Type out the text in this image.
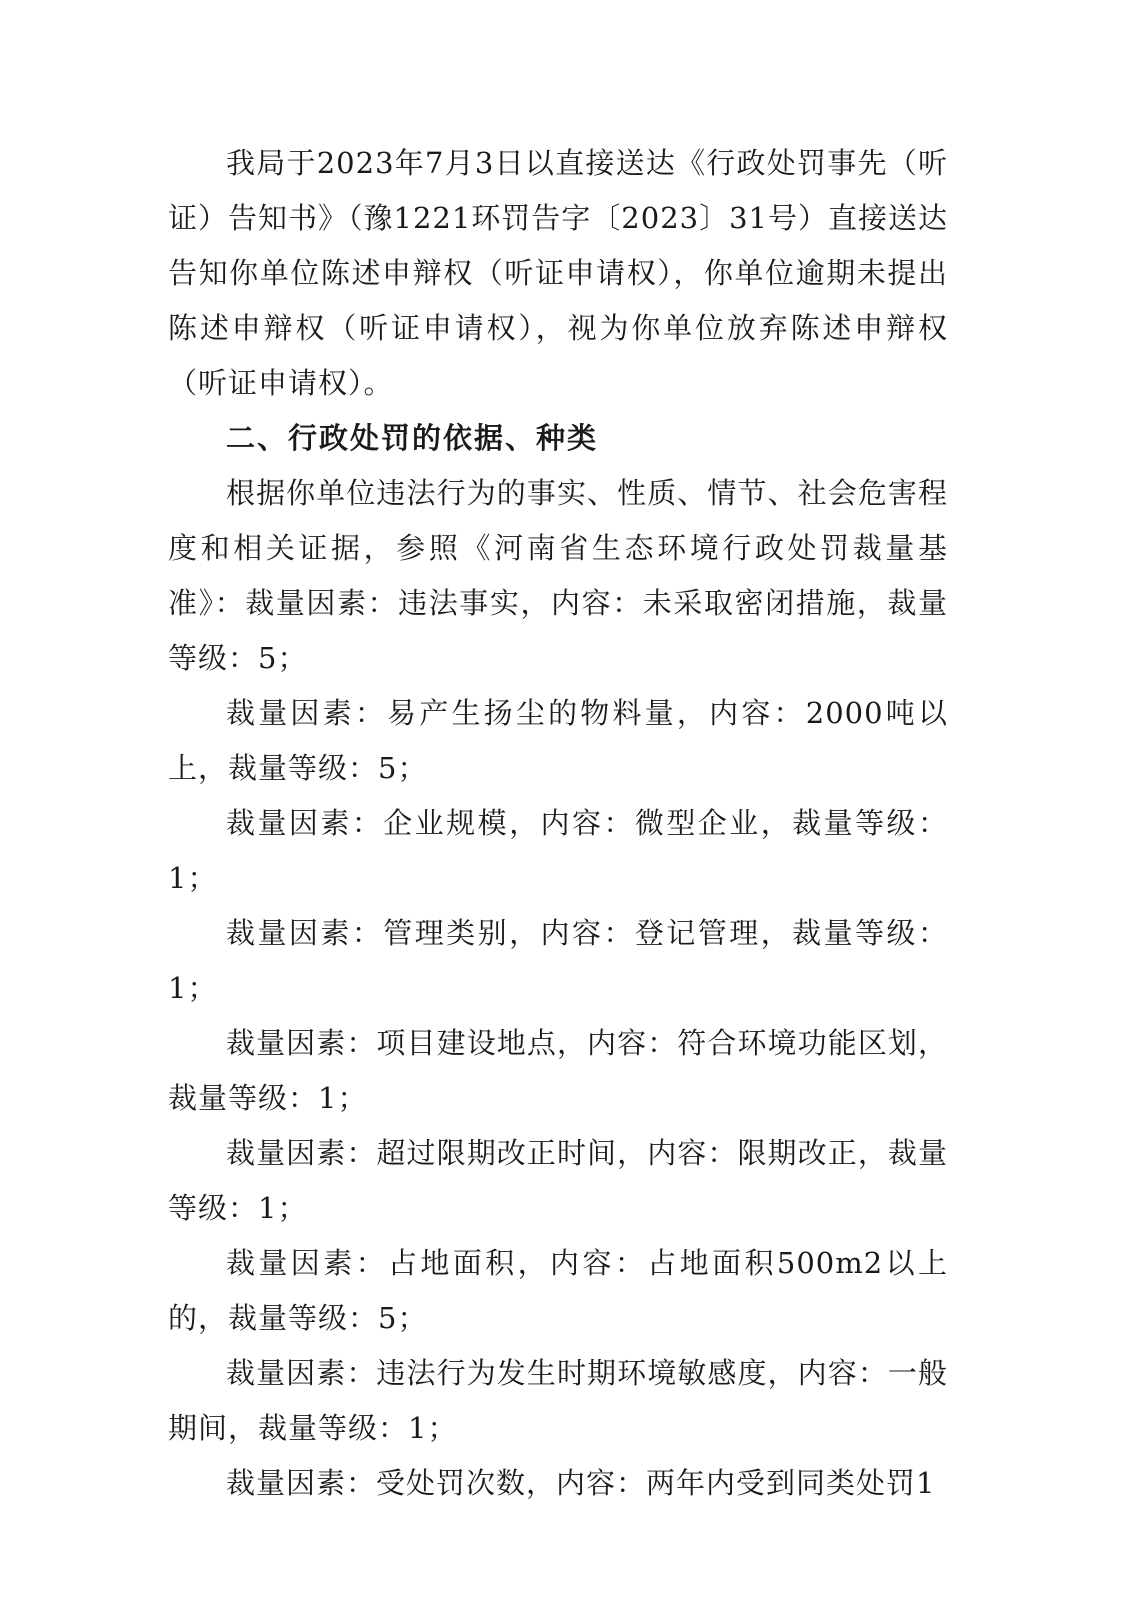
我局于2023年7月3日以直接送达《行政处罚事先（听证）告知书》（豫1221环罚告字〔2023〕31号）直接送达告知你单位陈述申辩权（听证申请权），你单位逾期未提出陈述申辩权（听证申请权），视为你单位放弃陈述申辩权（听证申请权）。

二、行政处罚的依据、种类

根据你单位违法行为的事实、性质、情节、社会危害程度和相关证据，参照《河南省生态环境行政处罚裁量基准》：裁量因素：违法事实，内容：未采取密闭措施，裁量等级：5；

裁量因素：易产生扬尘的物料量，内容：2000吨以上，裁量等级：5；

裁量因素：企业规模，内容：微型企业，裁量等级：1；

裁量因素：管理类别，内容：登记管理，裁量等级：1；

裁量因素：项目建设地点，内容：符合环境功能区划，裁量等级：1；

裁量因素：超过限期改正时间，内容：限期改正，裁量等级：1；

裁量因素：占地面积，内容：占地面积500m2以上的，裁量等级：5；

裁量因素：违法行为发生时期环境敏感度，内容：一般期间，裁量等级：1；

裁量因素：受处罚次数，内容：两年内受到同类处罚1
